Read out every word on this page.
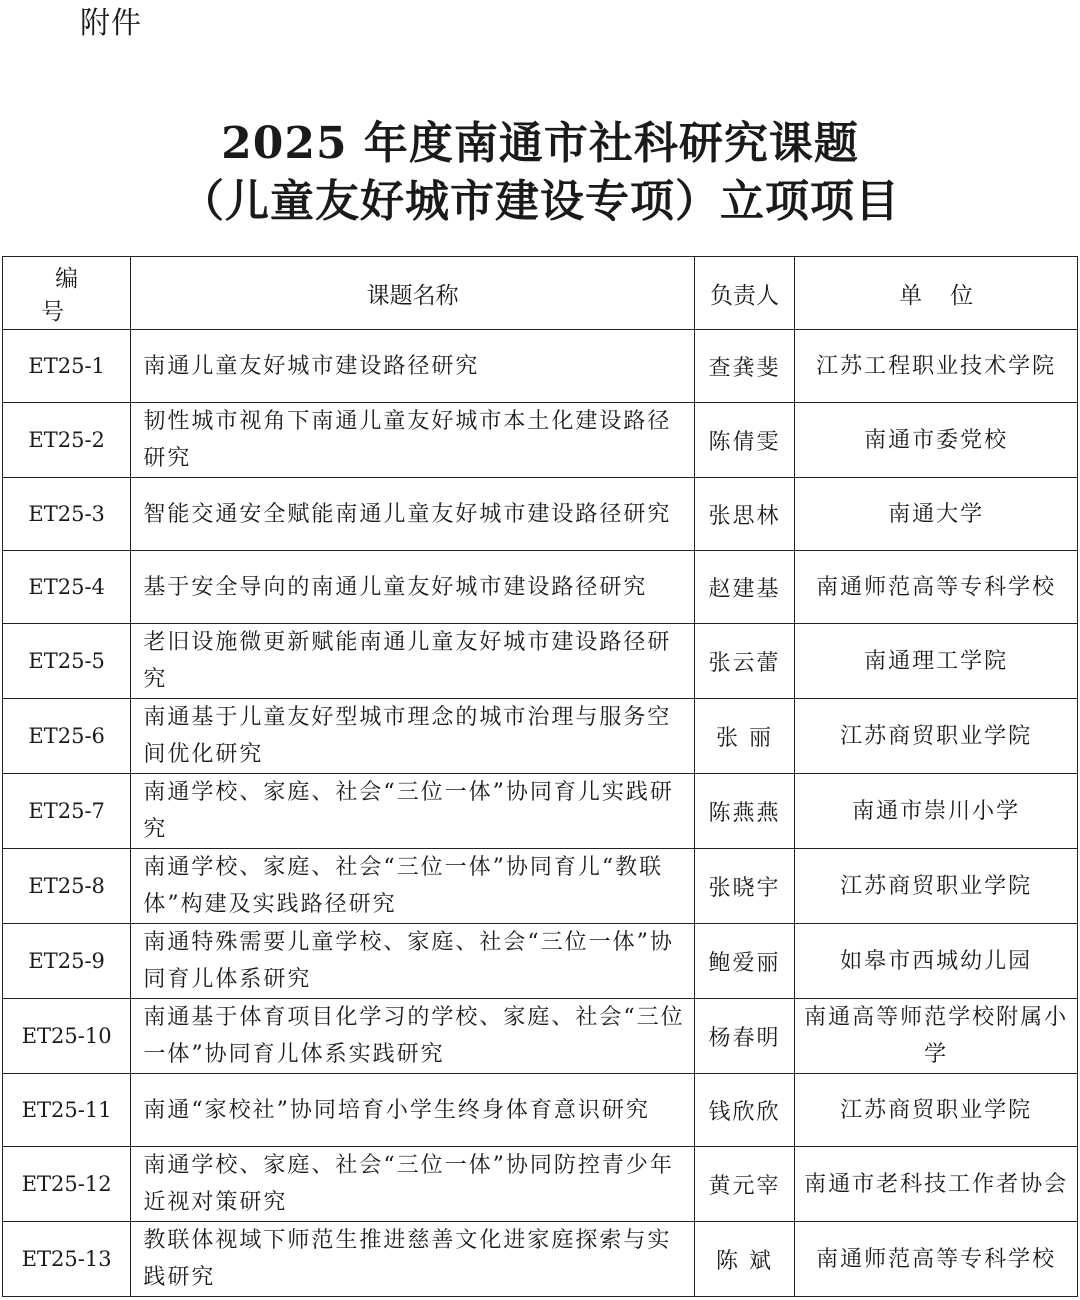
附件
2025 年度南通市社科研究课题
（儿童友好城市建设专项）立项项目
编号	课题名称	负责人	单位
ET25-1	南通儿童友好城市建设路径研究	查龚斐	江苏工程职业技术学院
ET25-2	韧性城市视角下南通儿童友好城市本土化建设路径研究	陈倩雯	南通市委党校
ET25-3	智能交通安全赋能南通儿童友好城市建设路径研究	张思林	南通大学
ET25-4	基于安全导向的南通儿童友好城市建设路径研究	赵建基	南通师范高等专科学校
ET25-5	老旧设施微更新赋能南通儿童友好城市建设路径研究	张云蕾	南通理工学院
ET25-6	南通基于儿童友好型城市理念的城市治理与服务空间优化研究	张 丽	江苏商贸职业学院
ET25-7	南通学校、家庭、社会“三位一体”协同育儿实践研究	陈燕燕	南通市崇川小学
ET25-8	南通学校、家庭、社会“三位一体”协同育儿“教联体”构建及实践路径研究	张晓宇	江苏商贸职业学院
ET25-9	南通特殊需要儿童学校、家庭、社会“三位一体”协同育儿体系研究	鲍爱丽	如皋市西城幼儿园
ET25-10	南通基于体育项目化学习的学校、家庭、社会“三位一体”协同育儿体系实践研究	杨春明	南通高等师范学校附属小学
ET25-11	南通“家校社”协同培育小学生终身体育意识研究	钱欣欣	江苏商贸职业学院
ET25-12	南通学校、家庭、社会“三位一体”协同防控青少年近视对策研究	黄元宰	南通市老科技工作者协会
ET25-13	教联体视域下师范生推进慈善文化进家庭探索与实践研究	陈 斌	南通师范高等专科学校
